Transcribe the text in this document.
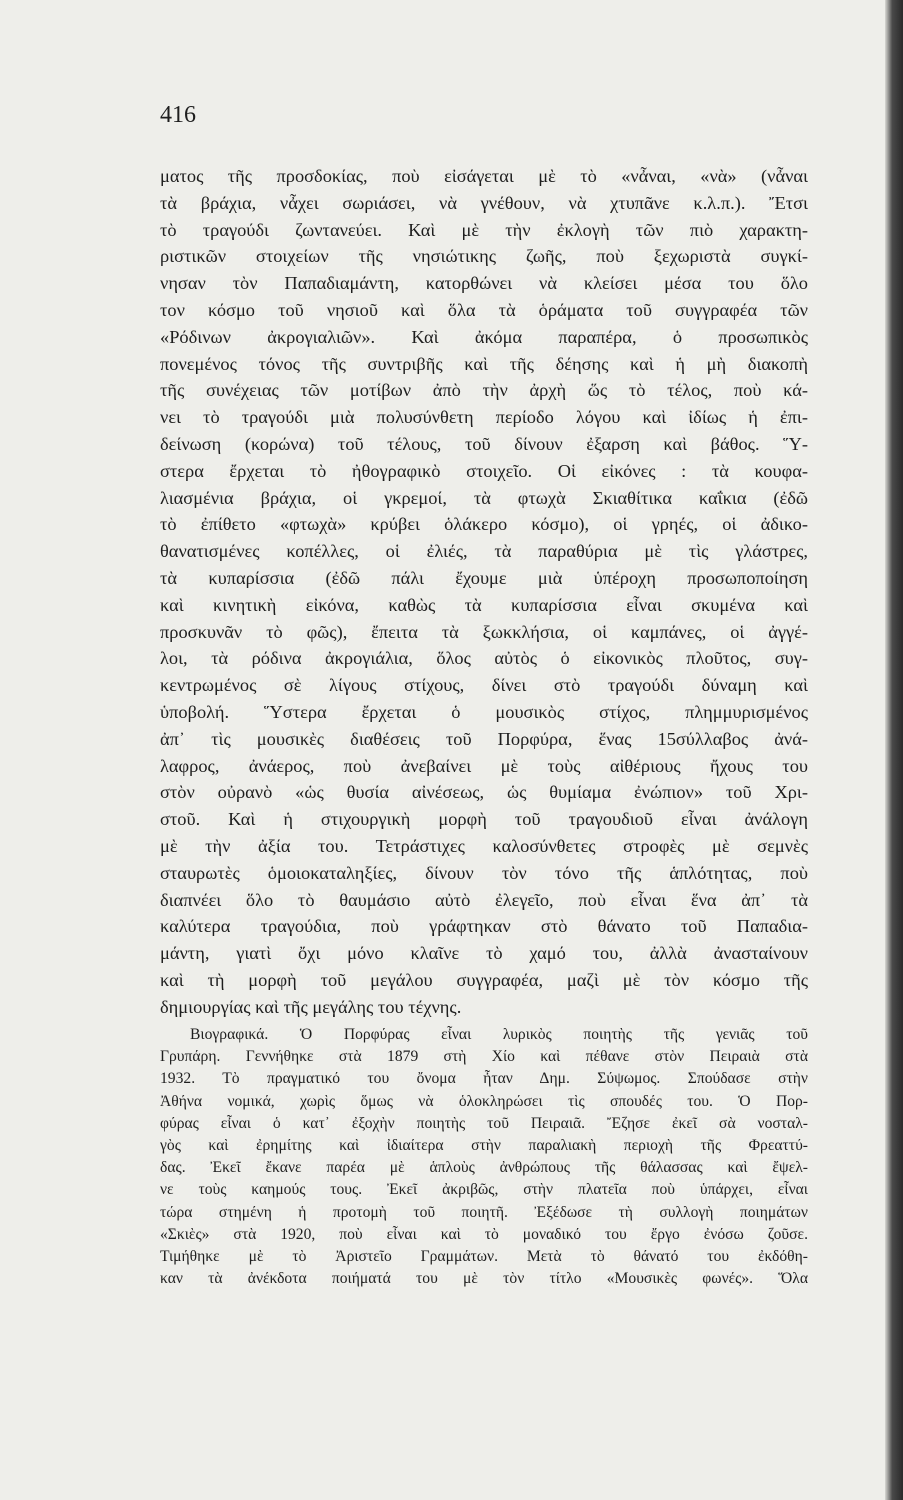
416
ματος τῆς προσδοκίας, ποὺ εἰσάγεται μὲ τὸ «νἆναι, «νὰ» (νἆναι
τὰ βράχια, νἆχει σωριάσει, νὰ γνέθουν, νὰ χτυπᾶνε κ.λ.π.). Ἔτσι
τὸ τραγούδι ζωντανεύει. Καὶ μὲ τὴν ἐκλογὴ τῶν πιὸ χαρακτη-
ριστικῶν στοιχείων τῆς νησιώτικης ζωῆς, ποὺ ξεχωριστὰ συγκί-
νησαν τὸν Παπαδιαμάντη, κατορθώνει νὰ κλείσει μέσα του ὅλο
τον κόσμο τοῦ νησιοῦ καὶ ὅλα τὰ ὁράματα τοῦ συγγραφέα τῶν
«Ρόδινων ἀκρογιαλιῶν». Καὶ ἀκόμα παραπέρα, ὁ προσωπικὸς
πονεμένος τόνος τῆς συντριβῆς καὶ τῆς δέησης καὶ ἡ μὴ διακοπὴ
τῆς συνέχειας τῶν μοτίβων ἀπὸ τὴν ἀρχὴ ὥς τὸ τέλος, ποὺ κά-
νει τὸ τραγούδι μιὰ πολυσύνθετη περίοδο λόγου καὶ ἰδίως ἡ ἐπι-
δείνωση (κορώνα) τοῦ τέλους, τοῦ δίνουν ἐξαρση καὶ βάθος. Ὕ-
στερα ἔρχεται τὸ ἠθογραφικὸ στοιχεῖο. Οἱ εἰκόνες : τὰ κουφα-
λιασμένια βράχια, οἱ γκρεμοί, τὰ φτωχὰ Σκιαθίτικα καΐκια (ἐδῶ
τὸ ἐπίθετο «φτωχὰ» κρύβει ὁλάκερο κόσμο), οἱ γρηές, οἱ ἀδικο-
θανατισμένες κοπέλλες, οἱ ἐλιές, τὰ παραθύρια μὲ τὶς γλάστρες,
τὰ κυπαρίσσια (ἐδῶ πάλι ἔχουμε μιὰ ὑπέροχη προσωποποίηση
καὶ κινητικὴ εἰκόνα, καθὼς τὰ κυπαρίσσια εἶναι σκυμένα καὶ
προσκυνᾶν τὸ φῶς), ἔπειτα τὰ ξωκκλήσια, οἱ καμπάνες, οἱ ἀγγέ-
λοι, τὰ ρόδινα ἀκρογιάλια, ὅλος αὐτὸς ὁ εἰκονικὸς πλοῦτος, συγ-
κεντρωμένος σὲ λίγους στίχους, δίνει στὸ τραγούδι δύναμη καὶ
ὑποβολή. Ὕστερα ἔρχεται ὁ μουσικὸς στίχος, πλημμυρισμένος
ἀπ᾽ τὶς μουσικὲς διαθέσεις τοῦ Πορφύρα, ἕνας 15σύλλαβος ἀνά-
λαφρος, ἀνάερος, ποὺ ἀνεβαίνει μὲ τοὺς αἰθέριους ἤχους του
στὸν οὐρανὸ «ὡς θυσία αἰνέσεως, ὡς θυμίαμα ἐνώπιον» τοῦ Χρι-
στοῦ. Καὶ ἡ στιχουργικὴ μορφὴ τοῦ τραγουδιοῦ εἶναι ἀνάλογη
μὲ τὴν ἀξία του. Τετράστιχες καλοσύνθετες στροφὲς μὲ σεμνὲς
σταυρωτὲς ὁμοιοκαταληξίες, δίνουν τὸν τόνο τῆς ἁπλότητας, ποὺ
διαπνέει ὅλο τὸ θαυμάσιο αὐτὸ ἐλεγεῖο, ποὺ εἶναι ἕνα ἀπ᾽ τὰ
καλύτερα τραγούδια, ποὺ γράφτηκαν στὸ θάνατο τοῦ Παπαδια-
μάντη, γιατὶ ὄχι μόνο κλαῖνε τὸ χαμό του, ἀλλὰ ἀνασταίνουν
καὶ τὴ μορφὴ τοῦ μεγάλου συγγραφέα, μαζὶ μὲ τὸν κόσμο τῆς
δημιουργίας καὶ τῆς μεγάλης του τέχνης.
Βιογραφικά. Ὁ Πορφύρας εἶναι λυρικὸς ποιητὴς τῆς γενιᾶς τοῦ
Γρυπάρη. Γεννήθηκε στὰ 1879 στὴ Χίο καὶ πέθανε στὸν Πειραιὰ στὰ
1932. Τὸ πραγματικό του ὄνομα ἦταν Δημ. Σύψωμος. Σπούδασε στὴν
Ἀθήνα νομικά, χωρὶς ὅμως νὰ ὁλοκληρώσει τὶς σπουδές του. Ὁ Πορ-
φύρας εἶναι ὁ κατ᾽ ἐξοχὴν ποιητὴς τοῦ Πειραιᾶ. Ἔζησε ἐκεῖ σὰ νοσταλ-
γὸς καὶ ἐρημίτης καὶ ἰδιαίτερα στὴν παραλιακὴ περιοχὴ τῆς Φρεαττύ-
δας. Ἐκεῖ ἔκανε παρέα μὲ ἁπλοὺς ἀνθρώπους τῆς θάλασσας καὶ ἔψελ-
νε τοὺς καημούς τους. Ἐκεῖ ἀκριβῶς, στὴν πλατεῖα ποὺ ὑπάρχει, εἶναι
τώρα στημένη ἡ προτομὴ τοῦ ποιητῆ. Ἐξέδωσε τὴ συλλογὴ ποιημάτων
«Σκιὲς» στὰ 1920, ποὺ εἶναι καὶ τὸ μοναδικό του ἔργο ἐνόσω ζοῦσε.
Τιμήθηκε μὲ τὸ Ἀριστεῖο Γραμμάτων. Μετὰ τὸ θάνατό του ἐκδόθη-
καν τὰ ἀνέκδοτα ποιήματά του μὲ τὸν τίτλο «Μουσικὲς φωνές». Ὅλα
